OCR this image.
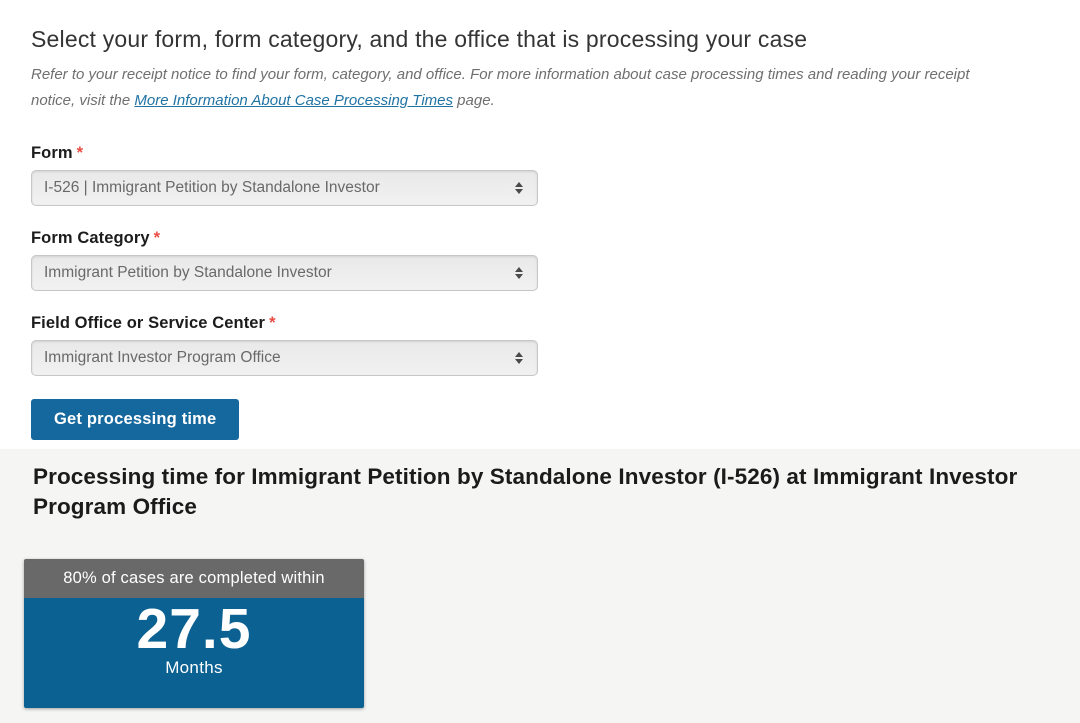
Select your form, form category, and the office that is processing your case

Refer to your receipt notice to find your form, category, and office. For more information about case processing times and reading your receipt notice, visit the More Information About Case Processing Times page.

Form *
I-526 | Immigrant Petition by Standalone Investor
Form Category *
Immigrant Petition by Standalone Investor
Field Office or Service Center *
Immigrant Investor Program Office
Get processing time
Processing time for Immigrant Petition by Standalone Investor (I-526) at Immigrant Investor Program Office
80% of cases are completed within
27.5
Months
